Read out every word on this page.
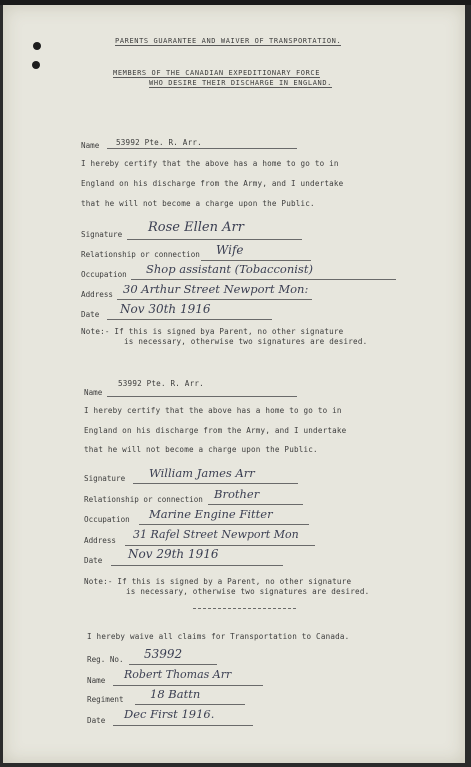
PARENTS GUARANTEE AND WAIVER OF TRANSPORTATION.
MEMBERS OF THE CANADIAN EXPEDITIONARY FORCE
WHO DESIRE THEIR DISCHARGE IN ENGLAND.
Name 53992 Pte. R. Arr.
I hereby certify that the above has a home to go to in
England on his discharge from the Army, and I undertake
that he will not become a charge upon the Public.
Signature Rose Ellen Arr
Relationship or connection Wife
Occupation Shop assistant (Tobacconist)
Address 30 Arthur Street Newport Mon:
Date Nov 30th 1916
Note:- If this is signed bya Parent, no other signature
is necessary, otherwise two signatures are desired.
Name
53992 Pte. R. Arr.
I hereby certify that the above has a home to go to in
England on his discharge from the Army, and I undertake
that he will not become a charge upon the Public.
Signature William James Arr
Relationship or connection Brother
Occupation Marine Engine Fitter
Address 31 Rafel Street Newport Mon
Date Nov 29th 1916
Note:- If this is signed by a Parent, no other signature
is necessary, otherwise two signatures are desired.
I hereby waive all claims for Transportation to Canada.
Reg. No. 53992
Name Robert Thomas Arr
Regiment 18 Battn
Date Dec First 1916.
